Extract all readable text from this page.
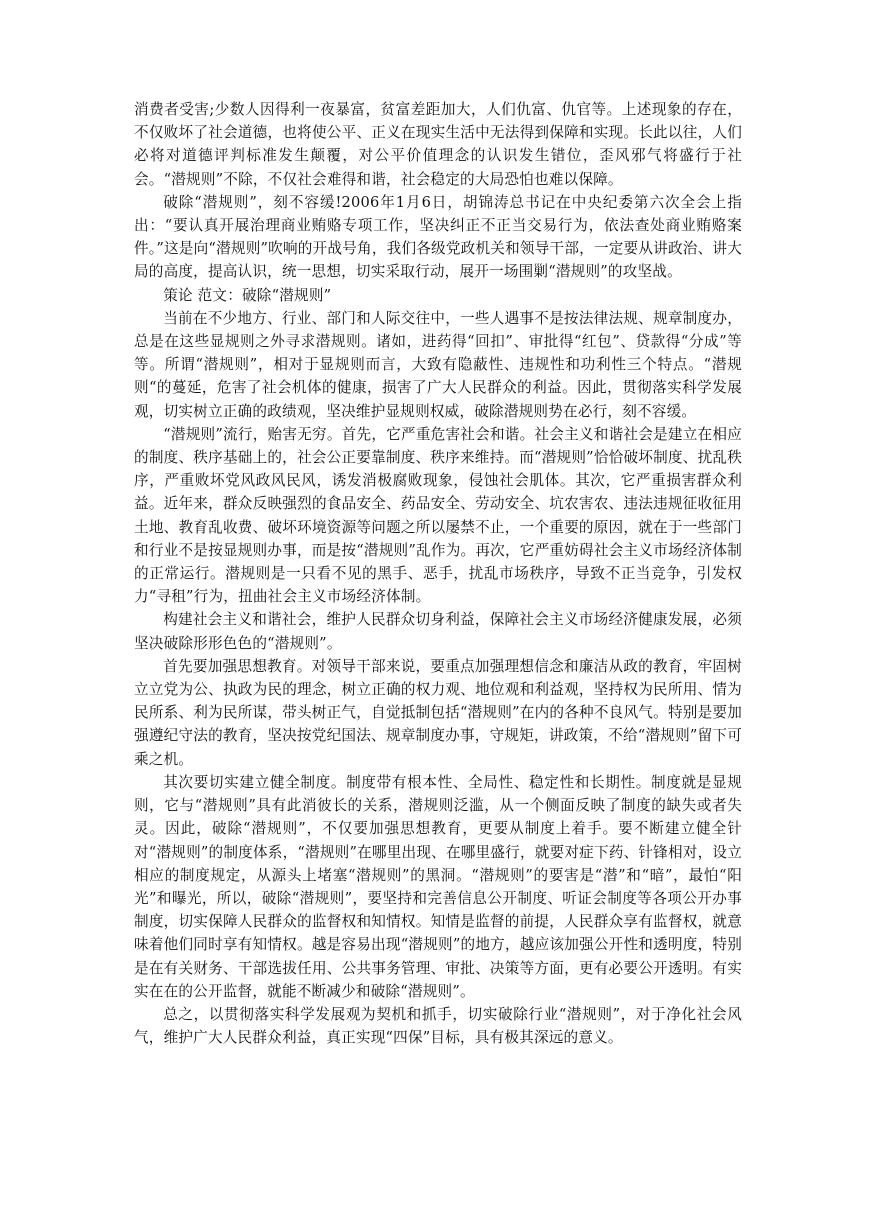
消费者受害;少数人因得利一夜暴富，贫富差距加大，人们仇富、仇官等。上述现象的存在，不仅败坏了社会道德，也将使公平、正义在现实生活中无法得到保障和实现。长此以往，人们必将对道德评判标准发生颠覆，对公平价值理念的认识发生错位，歪风邪气将盛行于社会。“潜规则”不除，不仅社会难得和谐，社会稳定的大局恐怕也难以保障。

破除“潜规则”，刻不容缓!2006年1月6日，胡锦涛总书记在中央纪委第六次全会上指出：“要认真开展治理商业贿赂专项工作，坚决纠正不正当交易行为，依法查处商业贿赂案件。”这是向“潜规则”吹响的开战号角，我们各级党政机关和领导干部，一定要从讲政治、讲大局的高度，提高认识，统一思想，切实采取行动，展开一场围剿“潜规则”的攻坚战。

策论 范文：破除“潜规则”

当前在不少地方、行业、部门和人际交往中，一些人遇事不是按法律法规、规章制度办，总是在这些显规则之外寻求潜规则。诸如，进药得“回扣”、审批得“红包”、贷款得“分成”等等。所谓“潜规则”，相对于显规则而言，大致有隐蔽性、违规性和功利性三个特点。“潜规则“的蔓延，危害了社会机体的健康，损害了广大人民群众的利益。因此，贯彻落实科学发展观，切实树立正确的政绩观，坚决维护显规则权威，破除潜规则势在必行，刻不容缓。

“潜规则”流行，贻害无穷。首先，它严重危害社会和谐。社会主义和谐社会是建立在相应的制度、秩序基础上的，社会公正要靠制度、秩序来维持。而“潜规则”恰恰破坏制度、扰乱秩序，严重败坏党风政风民风，诱发消极腐败现象，侵蚀社会肌体。其次，它严重损害群众利益。近年来，群众反映强烈的食品安全、药品安全、劳动安全、坑农害农、违法违规征收征用土地、教育乱收费、破坏环境资源等问题之所以屡禁不止，一个重要的原因，就在于一些部门和行业不是按显规则办事，而是按“潜规则”乱作为。再次，它严重妨碍社会主义市场经济体制的正常运行。潜规则是一只看不见的黑手、恶手，扰乱市场秩序，导致不正当竞争，引发权力“寻租”行为，扭曲社会主义市场经济体制。

构建社会主义和谐社会，维护人民群众切身利益，保障社会主义市场经济健康发展，必须坚决破除形形色色的“潜规则”。

首先要加强思想教育。对领导干部来说，要重点加强理想信念和廉洁从政的教育，牢固树立立党为公、执政为民的理念，树立正确的权力观、地位观和利益观，坚持权为民所用、情为民所系、利为民所谋，带头树正气，自觉抵制包括“潜规则”在内的各种不良风气。特别是要加强遵纪守法的教育，坚决按党纪国法、规章制度办事，守规矩，讲政策，不给“潜规则”留下可乘之机。

其次要切实建立健全制度。制度带有根本性、全局性、稳定性和长期性。制度就是显规则，它与“潜规则”具有此消彼长的关系，潜规则泛滥，从一个侧面反映了制度的缺失或者失灵。因此，破除“潜规则”，不仅要加强思想教育，更要从制度上着手。要不断建立健全针对“潜规则”的制度体系，“潜规则”在哪里出现、在哪里盛行，就要对症下药、针锋相对，设立相应的制度规定，从源头上堵塞“潜规则”的黑洞。“潜规则”的要害是“潜”和“暗”，最怕“阳光”和曝光，所以，破除“潜规则”，要坚持和完善信息公开制度、听证会制度等各项公开办事制度，切实保障人民群众的监督权和知情权。知情是监督的前提，人民群众享有监督权，就意味着他们同时享有知情权。越是容易出现“潜规则”的地方，越应该加强公开性和透明度，特别是在有关财务、干部选拔任用、公共事务管理、审批、决策等方面，更有必要公开透明。有实实在在的公开监督，就能不断减少和破除“潜规则”。

总之，以贯彻落实科学发展观为契机和抓手，切实破除行业“潜规则”，对于净化社会风气，维护广大人民群众利益，真正实现“四保”目标，具有极其深远的意义。
